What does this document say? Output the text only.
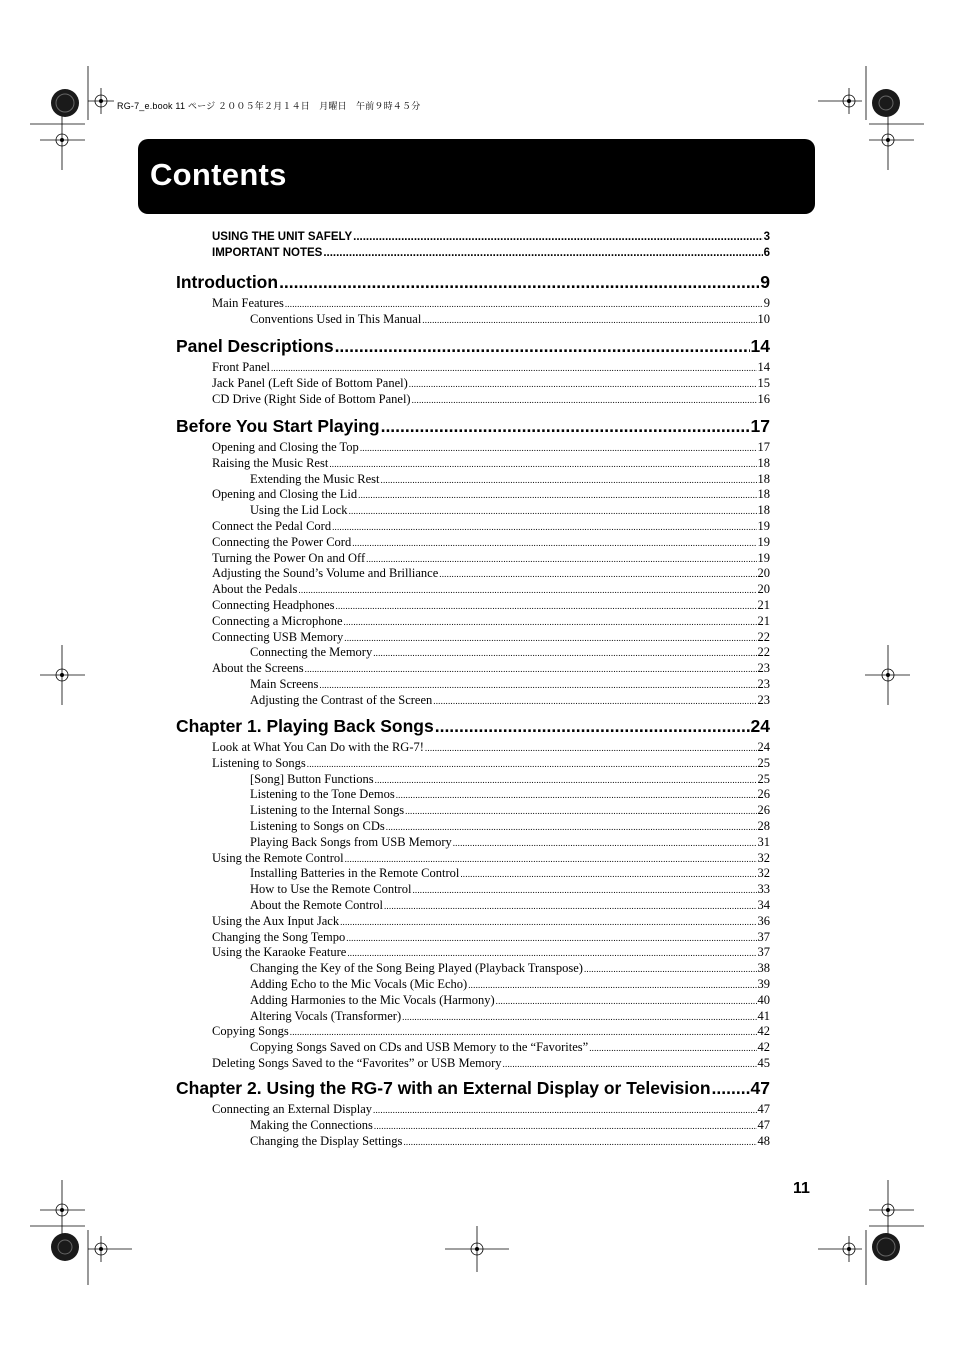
RG-7_e.book 11 ページ ２００５年２月１４日　月曜日　午前９時４５分
Contents
USING THE UNIT SAFELY .....	3
IMPORTANT NOTES .....	6
Introduction .....	9
Main Features .....	9
Conventions Used in This Manual .....	10
Panel Descriptions .....	14
Front Panel .....	14
Jack Panel (Left Side of Bottom Panel) .....	15
CD Drive (Right Side of Bottom Panel) .....	16
Before You Start Playing .....	17
Opening and Closing the Top .....	17
Raising the Music Rest .....	18
Extending the Music Rest .....	18
Opening and Closing the Lid .....	18
Using the Lid Lock .....	18
Connect the Pedal Cord .....	19
Connecting the Power Cord .....	19
Turning the Power On and Off .....	19
Adjusting the Sound’s Volume and Brilliance .....	20
About the Pedals .....	20
Connecting Headphones .....	21
Connecting a Microphone .....	21
Connecting USB Memory .....	22
Connecting the Memory .....	22
About the Screens .....	23
Main Screens .....	23
Adjusting the Contrast of the Screen .....	23
Chapter 1. Playing Back Songs .....	24
Look at What You Can Do with the RG-7! .....	24
Listening to Songs .....	25
[Song] Button Functions .....	25
Listening to the Tone Demos .....	26
Listening to the Internal Songs .....	26
Listening to Songs on CDs .....	28
Playing Back Songs from USB Memory .....	31
Using the Remote Control .....	32
Installing Batteries in the Remote Control .....	32
How to Use the Remote Control .....	33
About the Remote Control .....	34
Using the Aux Input Jack .....	36
Changing the Song Tempo .....	37
Using the Karaoke Feature .....	37
Changing the Key of the Song Being Played (Playback Transpose) .....	38
Adding Echo to the Mic Vocals (Mic Echo) .....	39
Adding Harmonies to the Mic Vocals (Harmony) .....	40
Altering Vocals (Transformer) .....	41
Copying Songs .....	42
Copying Songs Saved on CDs and USB Memory to the “Favorites” .....	42
Deleting Songs Saved to the “Favorites” or USB Memory .....	45
Chapter 2. Using the RG-7 with an External Display or Television ..... 47
Connecting an External Display .....	47
Making the Connections .....	47
Changing the Display Settings .....	48
11
